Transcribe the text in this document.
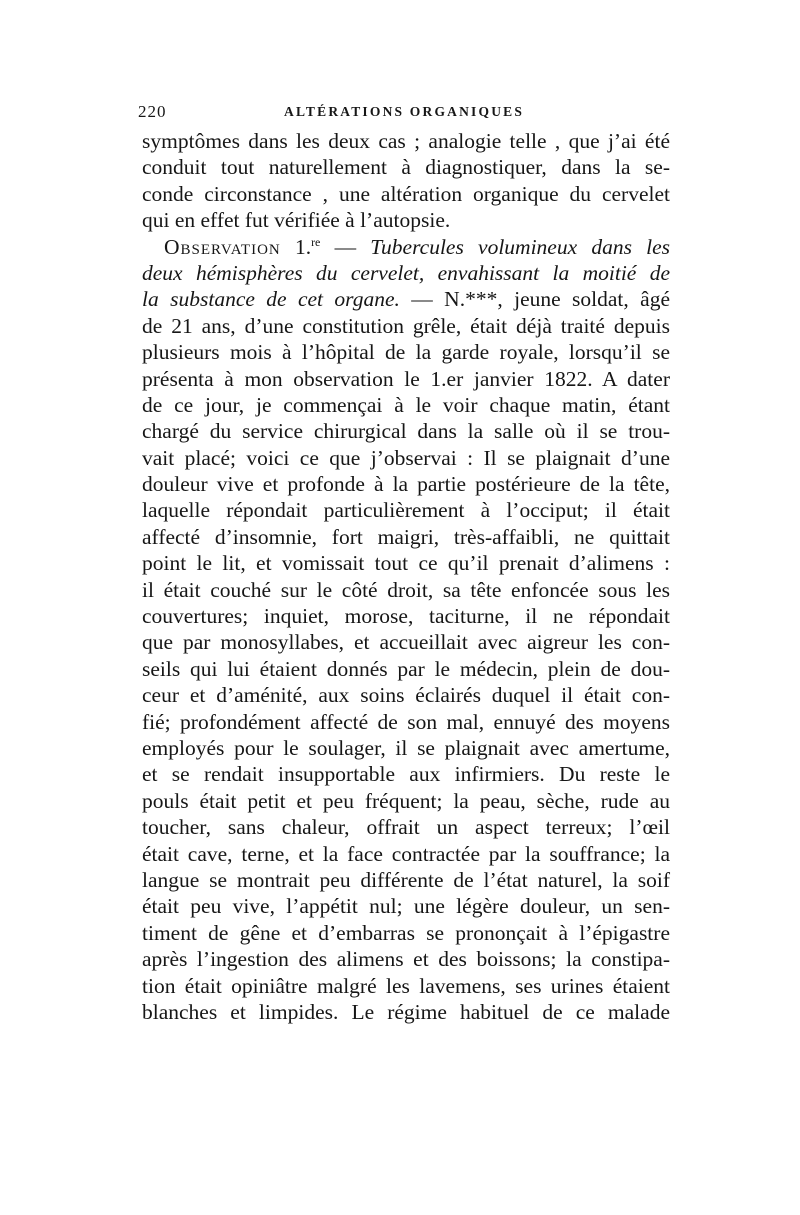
220	ALTÉRATIONS ORGANIQUES
symptômes dans les deux cas ; analogie telle , que j’ai été
conduit tout naturellement à diagnostiquer, dans la se-
conde circonstance , une altération organique du cervelet
qui en effet fut vérifiée à l’autopsie.
Observation 1.$^{re}$ — Tubercules volumineux dans les
deux hémisphères du cervelet, envahissant la moitié de
la substance de cet organe. — N.***, jeune soldat, âgé
de 21 ans, d’une constitution grêle, était déjà traité depuis
plusieurs mois à l’hôpital de la garde royale, lorsqu’il se
présenta à mon observation le 1.er janvier 1822. A dater
de ce jour, je commençai à le voir chaque matin, étant
chargé du service chirurgical dans la salle où il se trou-
vait placé; voici ce que j’observai : Il se plaignait d’une
douleur vive et profonde à la partie postérieure de la tête,
laquelle répondait particulièrement à l’occiput; il était
affecté d’insomnie, fort maigri, très-affaibli, ne quittait
point le lit, et vomissait tout ce qu’il prenait d’alimens :
il était couché sur le côté droit, sa tête enfoncée sous les
couvertures; inquiet, morose, taciturne, il ne répondait
que par monosyllabes, et accueillait avec aigreur les con-
seils qui lui étaient donnés par le médecin, plein de dou-
ceur et d’aménité, aux soins éclairés duquel il était con-
fié; profondément affecté de son mal, ennuyé des moyens
employés pour le soulager, il se plaignait avec amertume,
et se rendait insupportable aux infirmiers. Du reste le
pouls était petit et peu fréquent; la peau, sèche, rude au
toucher, sans chaleur, offrait un aspect terreux; l’œil
était cave, terne, et la face contractée par la souffrance; la
langue se montrait peu différente de l’état naturel, la soif
était peu vive, l’appétit nul; une légère douleur, un sen-
timent de gêne et d’embarras se prononçait à l’épigastre
après l’ingestion des alimens et des boissons; la constipa-
tion était opiniâtre malgré les lavemens, ses urines étaient
blanches et limpides. Le régime habituel de ce malade
